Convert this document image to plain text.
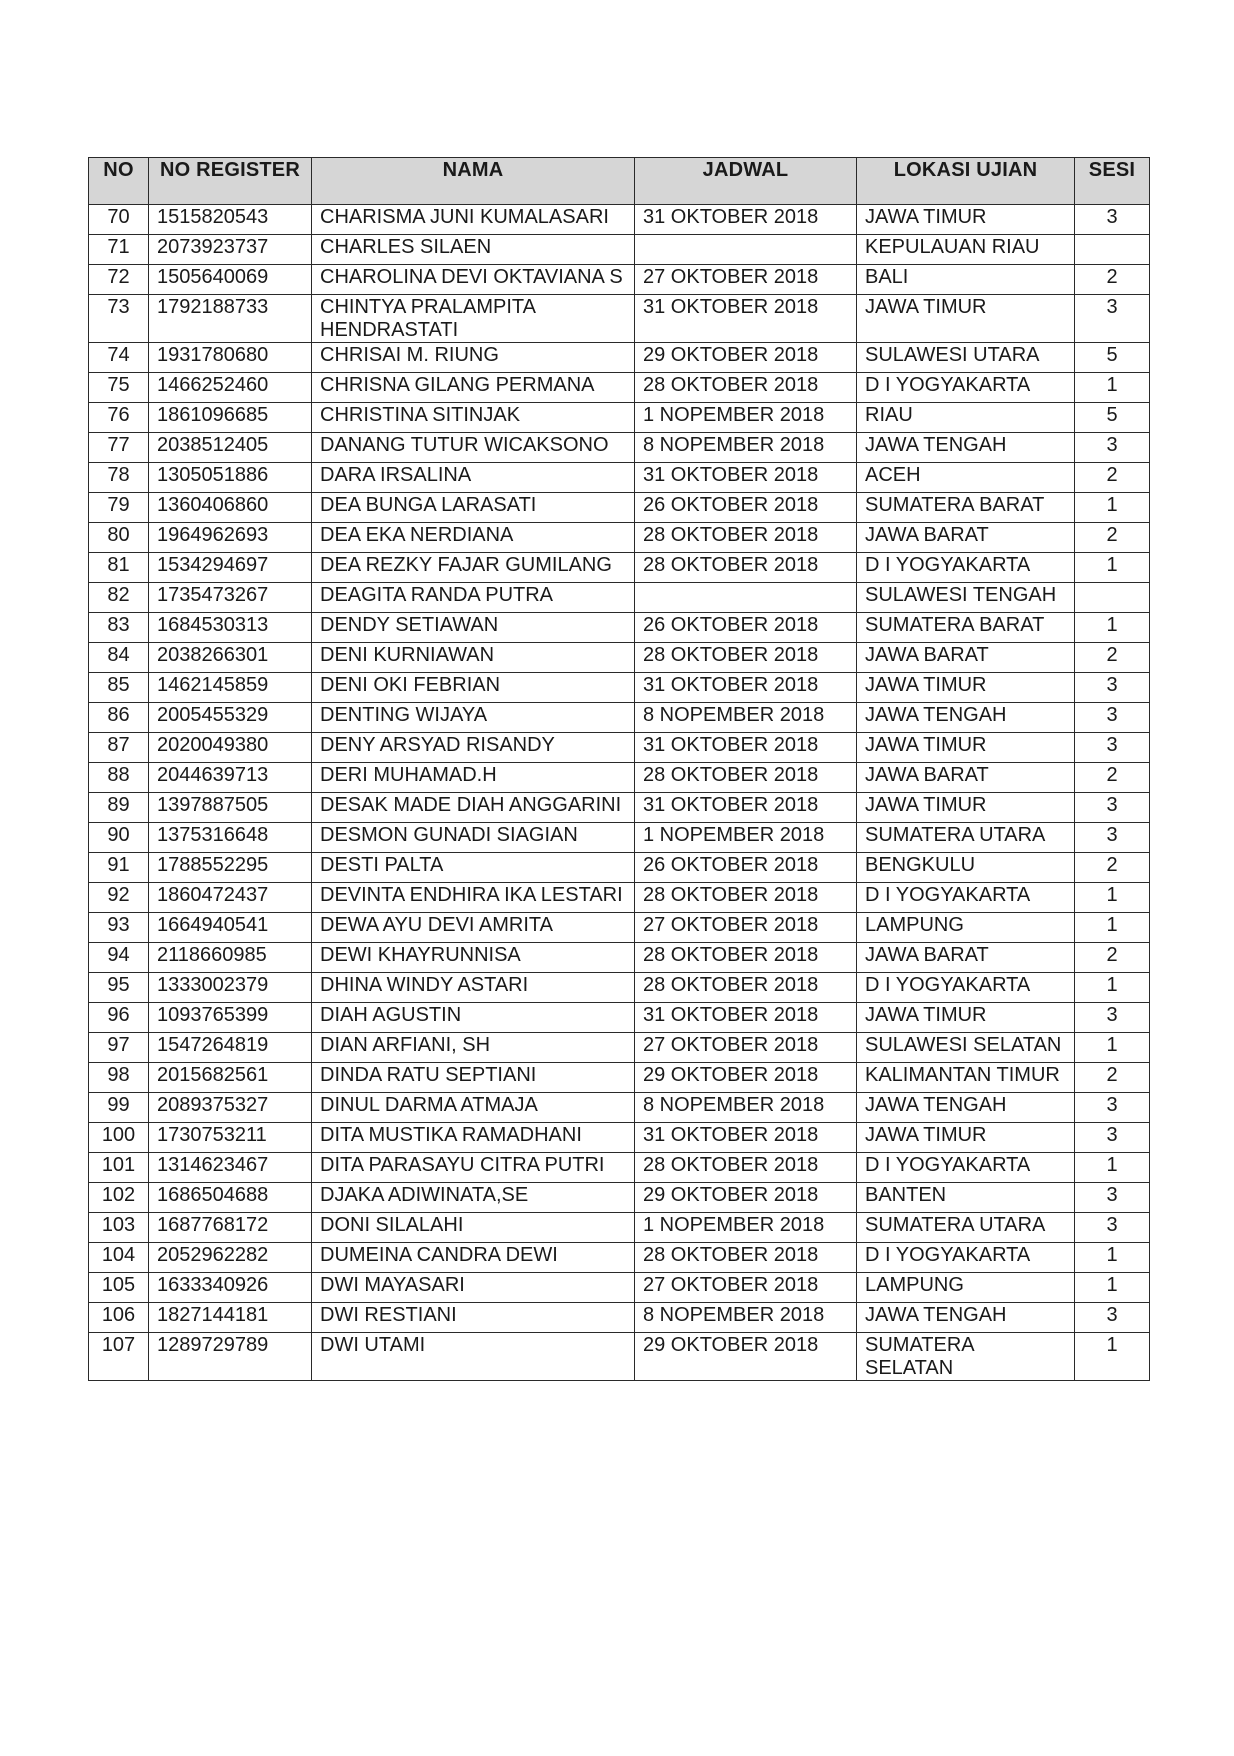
NO	NO REGISTER	NAMA	JADWAL	LOKASI UJIAN	SESI
70	1515820543	CHARISMA JUNI KUMALASARI	31 OKTOBER 2018	JAWA TIMUR	3
71	2073923737	CHARLES SILAEN		KEPULAUAN RIAU	
72	1505640069	CHAROLINA DEVI OKTAVIANA S	27 OKTOBER 2018	BALI	2
73	1792188733	CHINTYA PRALAMPITA HENDRASTATI	31 OKTOBER 2018	JAWA TIMUR	3
74	1931780680	CHRISAI M. RIUNG	29 OKTOBER 2018	SULAWESI UTARA	5
75	1466252460	CHRISNA GILANG PERMANA	28 OKTOBER 2018	D I YOGYAKARTA	1
76	1861096685	CHRISTINA SITINJAK	1 NOPEMBER 2018	RIAU	5
77	2038512405	DANANG TUTUR WICAKSONO	8 NOPEMBER 2018	JAWA TENGAH	3
78	1305051886	DARA IRSALINA	31 OKTOBER 2018	ACEH	2
79	1360406860	DEA BUNGA LARASATI	26 OKTOBER 2018	SUMATERA BARAT	1
80	1964962693	DEA EKA NERDIANA	28 OKTOBER 2018	JAWA BARAT	2
81	1534294697	DEA REZKY FAJAR GUMILANG	28 OKTOBER 2018	D I YOGYAKARTA	1
82	1735473267	DEAGITA RANDA PUTRA		SULAWESI TENGAH	
83	1684530313	DENDY SETIAWAN	26 OKTOBER 2018	SUMATERA BARAT	1
84	2038266301	DENI KURNIAWAN	28 OKTOBER 2018	JAWA BARAT	2
85	1462145859	DENI OKI FEBRIAN	31 OKTOBER 2018	JAWA TIMUR	3
86	2005455329	DENTING WIJAYA	8 NOPEMBER 2018	JAWA TENGAH	3
87	2020049380	DENY ARSYAD RISANDY	31 OKTOBER 2018	JAWA TIMUR	3
88	2044639713	DERI MUHAMAD.H	28 OKTOBER 2018	JAWA BARAT	2
89	1397887505	DESAK MADE DIAH ANGGARINI	31 OKTOBER 2018	JAWA TIMUR	3
90	1375316648	DESMON GUNADI SIAGIAN	1 NOPEMBER 2018	SUMATERA UTARA	3
91	1788552295	DESTI PALTA	26 OKTOBER 2018	BENGKULU	2
92	1860472437	DEVINTA ENDHIRA IKA LESTARI	28 OKTOBER 2018	D I YOGYAKARTA	1
93	1664940541	DEWA AYU DEVI AMRITA	27 OKTOBER 2018	LAMPUNG	1
94	2118660985	DEWI KHAYRUNNISA	28 OKTOBER 2018	JAWA BARAT	2
95	1333002379	DHINA WINDY ASTARI	28 OKTOBER 2018	D I YOGYAKARTA	1
96	1093765399	DIAH AGUSTIN	31 OKTOBER 2018	JAWA TIMUR	3
97	1547264819	DIAN ARFIANI, SH	27 OKTOBER 2018	SULAWESI SELATAN	1
98	2015682561	DINDA RATU SEPTIANI	29 OKTOBER 2018	KALIMANTAN TIMUR	2
99	2089375327	DINUL DARMA ATMAJA	8 NOPEMBER 2018	JAWA TENGAH	3
100	1730753211	DITA MUSTIKA RAMADHANI	31 OKTOBER 2018	JAWA TIMUR	3
101	1314623467	DITA PARASAYU CITRA PUTRI	28 OKTOBER 2018	D I YOGYAKARTA	1
102	1686504688	DJAKA ADIWINATA,SE	29 OKTOBER 2018	BANTEN	3
103	1687768172	DONI SILALAHI	1 NOPEMBER 2018	SUMATERA UTARA	3
104	2052962282	DUMEINA CANDRA DEWI	28 OKTOBER 2018	D I YOGYAKARTA	1
105	1633340926	DWI MAYASARI	27 OKTOBER 2018	LAMPUNG	1
106	1827144181	DWI RESTIANI	8 NOPEMBER 2018	JAWA TENGAH	3
107	1289729789	DWI UTAMI	29 OKTOBER 2018	SUMATERA SELATAN	1
